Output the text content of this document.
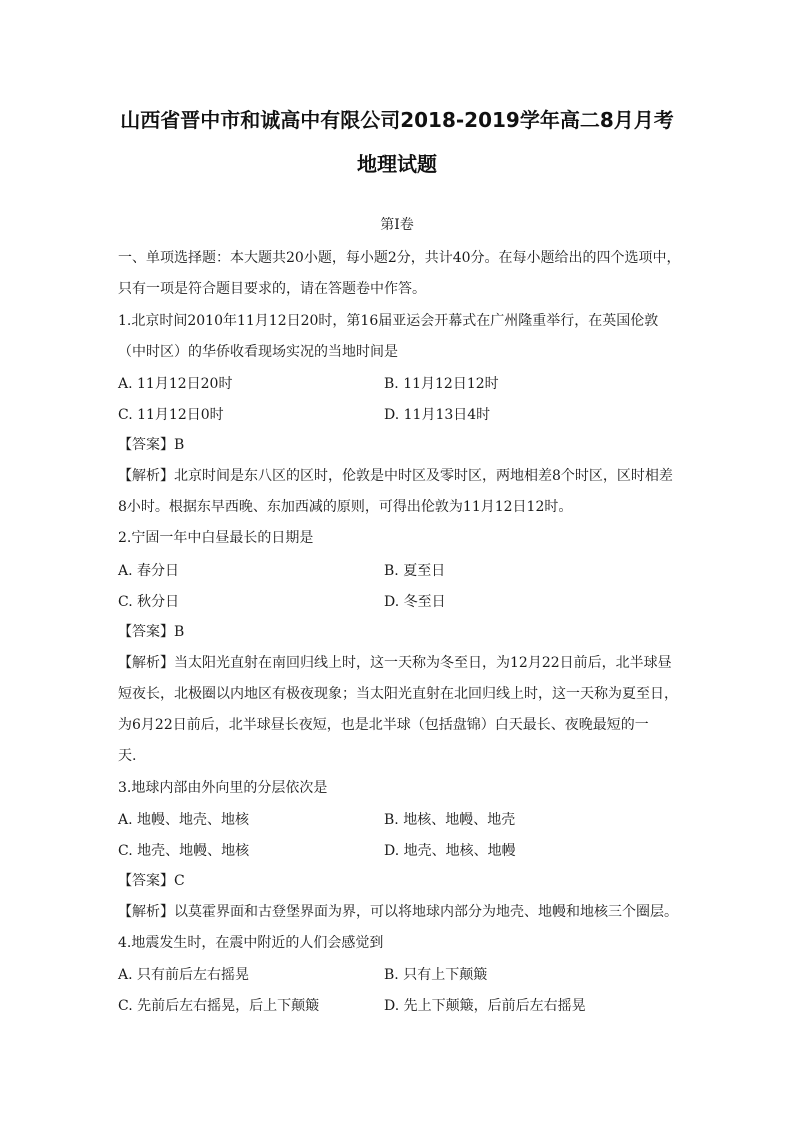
山西省晋中市和诚高中有限公司2018-2019学年高二8月月考
地理试题
第I卷
一、单项选择题：本大题共20小题，每小题2分，共计40分。在每小题给出的四个选项中，
只有一项是符合题目要求的，请在答题卷中作答。
1.北京时间2010年11月12日20时，第16届亚运会开幕式在广州隆重举行，在英国伦敦
（中时区）的华侨收看现场实况的当地时间是
A. 11月12日20时	B. 11月12日12时
C. 11月12日0时	D. 11月13日4时
【答案】B
【解析】北京时间是东八区的区时，伦敦是中时区及零时区，两地相差8个时区，区时相差
8小时。根据东早西晚、东加西减的原则，可得出伦敦为11月12日12时。
2.宁固一年中白昼最长的日期是
A. 春分日	B. 夏至日
C. 秋分日	D. 冬至日
【答案】B
【解析】当太阳光直射在南回归线上时，这一天称为冬至日，为12月22日前后，北半球昼
短夜长，北极圈以内地区有极夜现象；当太阳光直射在北回归线上时，这一天称为夏至日，
为6月22日前后，北半球昼长夜短，也是北半球（包括盘锦）白天最长、夜晚最短的一
天.
3.地球内部由外向里的分层依次是
A. 地幔、地壳、地核	B. 地核、地幔、地壳
C. 地壳、地幔、地核	D. 地壳、地核、地幔
【答案】C
【解析】以莫霍界面和古登堡界面为界，可以将地球内部分为地壳、地幔和地核三个圈层。
4.地震发生时，在震中附近的人们会感觉到
A. 只有前后左右摇晃	B. 只有上下颠簸
C. 先前后左右摇晃，后上下颠簸	D. 先上下颠簸，后前后左右摇晃
